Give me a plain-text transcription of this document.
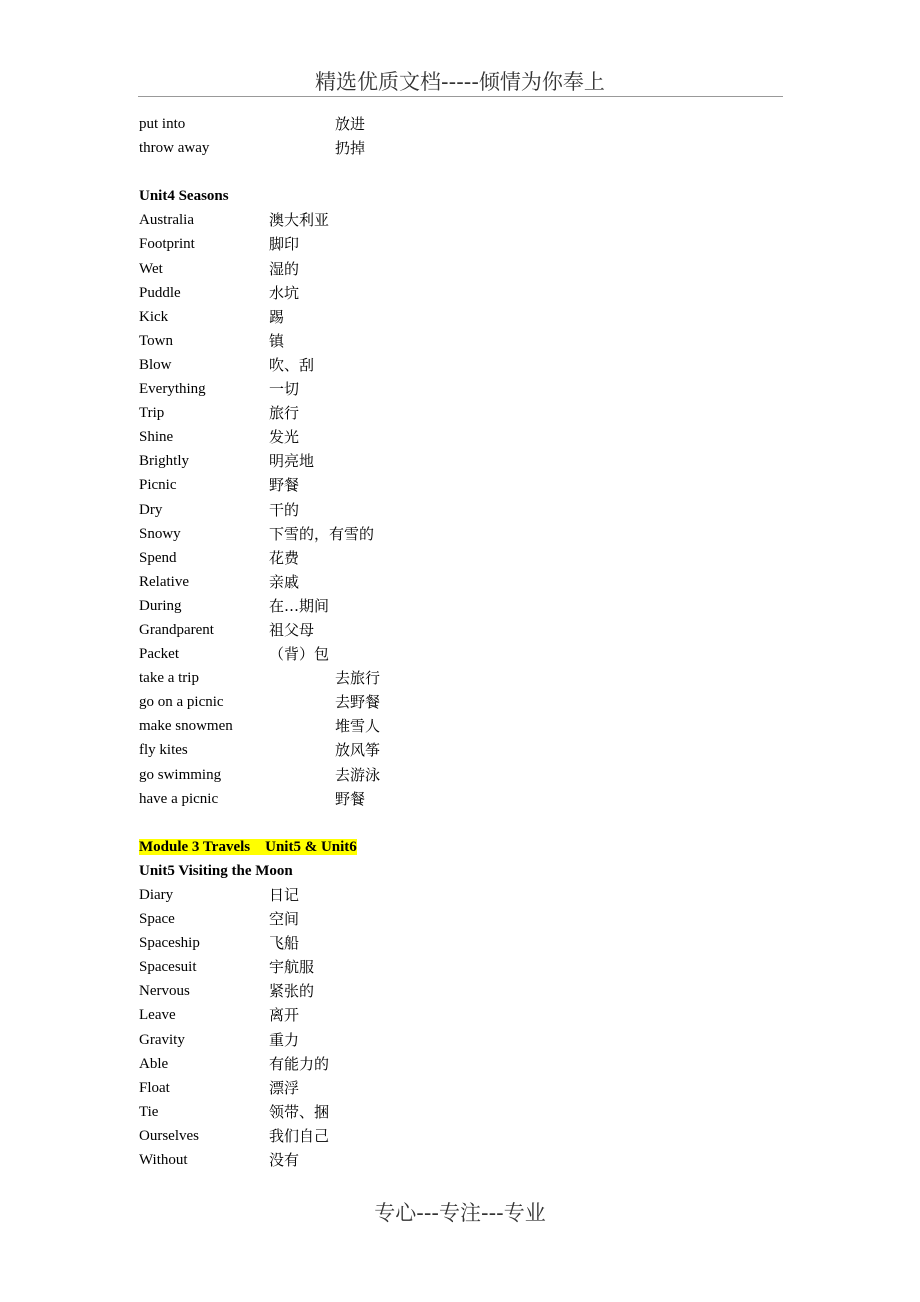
精选优质文档-----倾情为你奉上
put into	放进
throw away	扔掉
Unit4 Seasons
Australia	澳大利亚
Footprint	脚印
Wet	湿的
Puddle	水坑
Kick	踢
Town	镇
Blow	吹、刮
Everything	一切
Trip	旅行
Shine	发光
Brightly	明亮地
Picnic	野餐
Dry	干的
Snowy	下雪的，有雪的
Spend	花费
Relative	亲戚
During	在…期间
Grandparent	祖父母
Packet	（背）包
take a trip	去旅行
go on a picnic	去野餐
make snowmen	堆雪人
fly kites	放风筝
go swimming	去游泳
have a picnic	野餐
Module 3 Travels    Unit5 & Unit6
Unit5 Visiting the Moon
Diary	日记
Space	空间
Spaceship	飞船
Spacesuit	宇航服
Nervous	紧张的
Leave	离开
Gravity	重力
Able	有能力的
Float	漂浮
Tie	领带、捆
Ourselves	我们自己
Without	没有
专心---专注---专业
